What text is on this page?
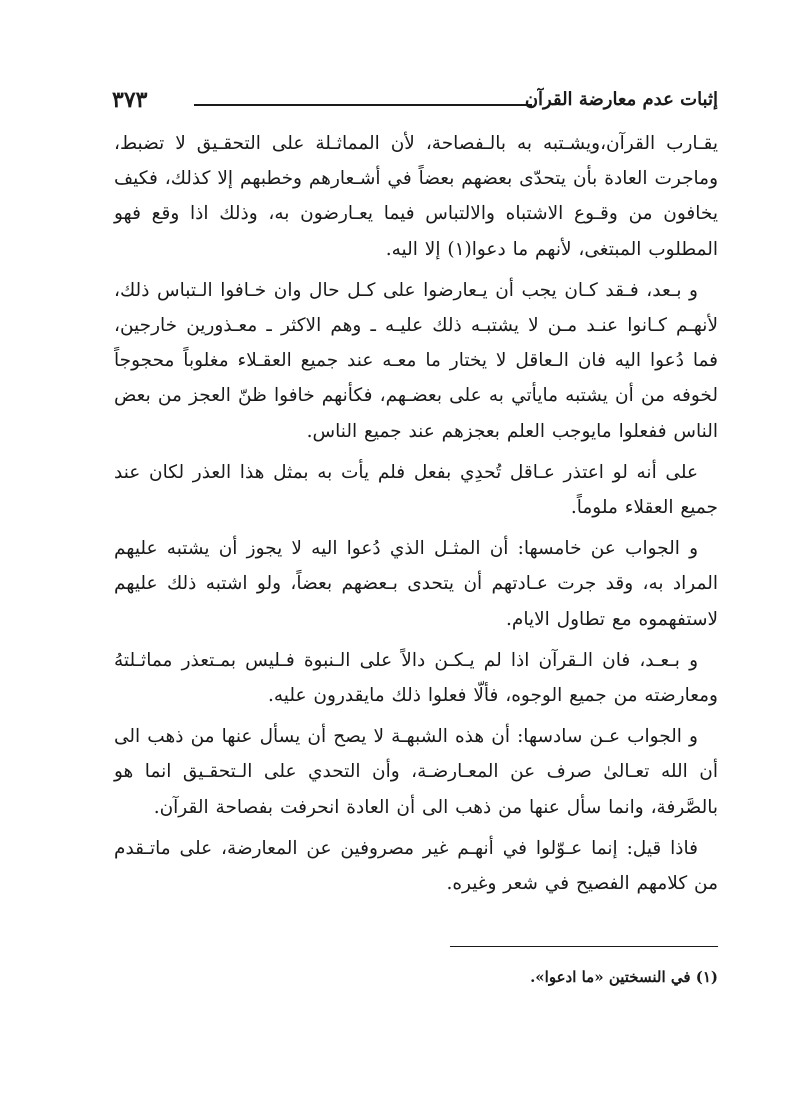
إثبات عدم معارضة القرآن
٣٧٣

يقـارب القرآن،ويشـتبه به بالـفصاحة، لأن المماثـلة على التحقـيق لا تضبط، وماجرت العادة بأن يتحدّى بعضهم بعضاً في أشـعارهم وخطبهم إلا كذلك، فكيف يخافون من وقـوع الاشتباه والالتباس فيما يعـارضون به، وذلك اذا وقع فهو المطلوب المبتغى، لأنهم ما دعوا(١) إلا اليه.

و بـعد، فـقد كـان يجب أن يـعارضوا على كـل حال وان خـافوا الـتباس ذلك، لأنهـم كـانوا عنـد مـن لا يشتبـه ذلك عليـه ـ وهم الاكثر ـ معـذورين خارجين، فما دُعوا اليه فان الـعاقل لا يختار ما معـه عند جميع العقـلاء مغلوباً محجوجاً لخوفه من أن يشتبه مايأتي به على بعضـهم، فكأنهم خافوا ظنّ العجز من بعض الناس ففعلوا مايوجب العلم بعجزهم عند جميع الناس.

على أنه لو اعتذر عـاقل تُحدِي بفعل فلم يأت به بمثل هذا العذر لكان عند جميع العقلاء ملوماً.

و الجواب عن خامسها: أن المثـل الذي دُعوا اليه لا يجوز أن يشتبه عليهم المراد به، وقد جرت عـادتهم أن يتحدى بـعضهم بعضاً، ولو اشتبه ذلك عليهم لاستفهموه مع تطاول الايام.

و بـعـد، فان الـقرآن اذا لم يـكـن دالاً على الـنبوة فـليس بمـتعذر مماثـلتهُ ومعارضته من جميع الوجوه، فألّا فعلوا ذلك مايقدرون عليه.

و الجواب عـن سادسها: أن هذه الشبهـة لا يصح أن يسأل عنها من ذهب الى أن الله تعـالىٰ صرف عن المعـارضـة، وأن التحدي على الـتحقـيق انما هو بالصَّرفة، وانما سأل عنها من ذهب الى أن العادة انحرفت بفصاحة القرآن.

فاذا قيل: إنما عـوّلوا في أنهـم غير مصروفين عن المعارضة، على ماتـقدم من كلامهم الفصيح في شعر وغيره.

(١) في النسختين «ما ادعوا».
